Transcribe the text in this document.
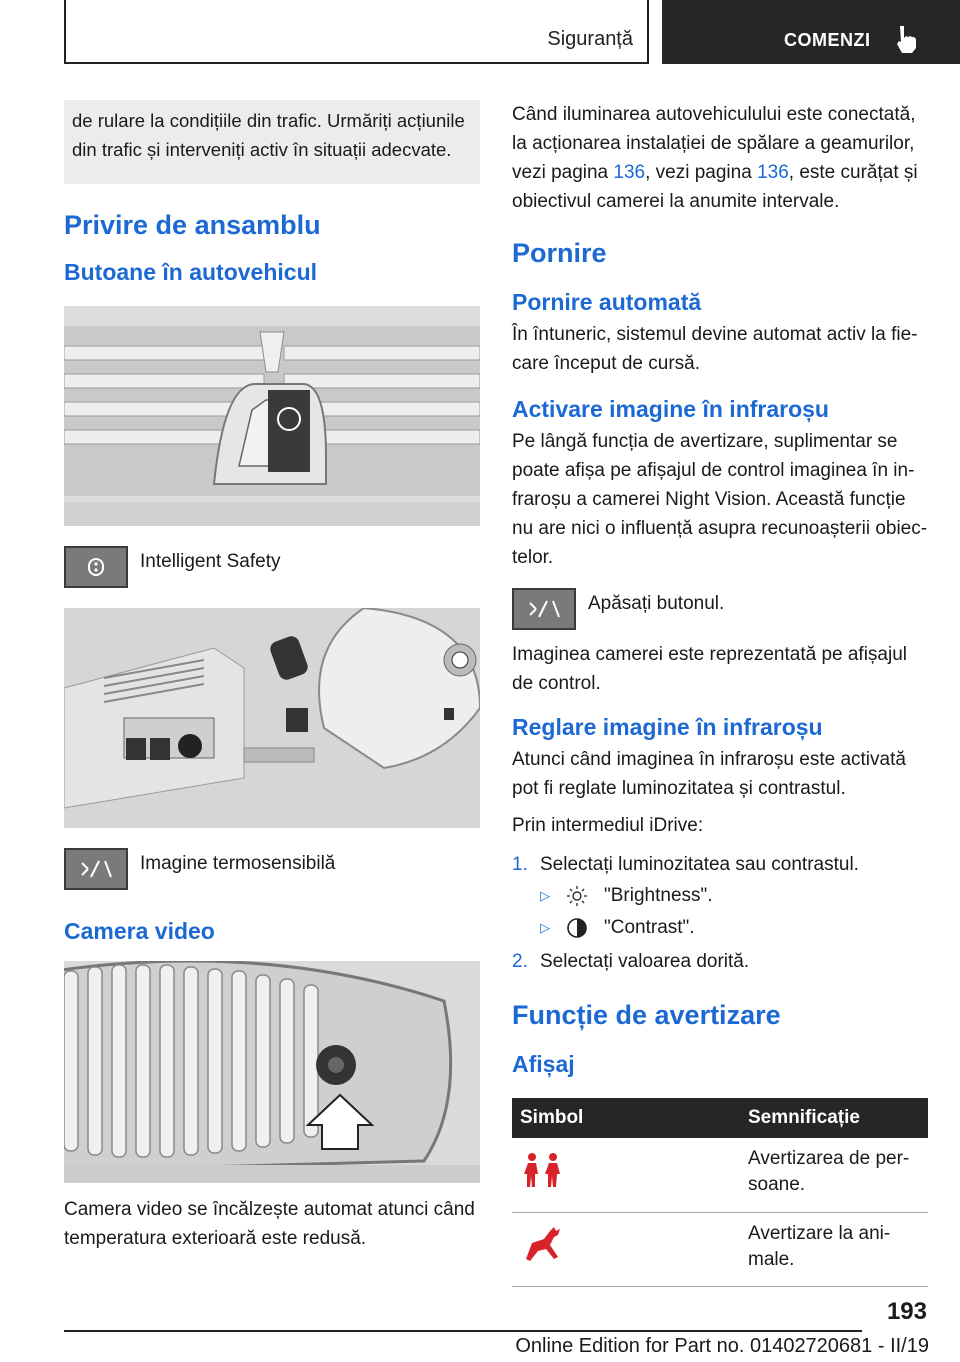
Siguranță	COMENZI
de rulare la condițiile din trafic. Urmăriți acțiunile din trafic și interveniți activ în situații adecvate.
Privire de ansamblu
Butoane în autovehicul
Intelligent Safety
Imagine termosensibilă
Camera video
Camera video se încălzește automat atunci când temperatura exterioară este redusă.
Când iluminarea autovehiculului este conectată, la acționarea instalației de spălare a geamurilor, vezi pagina 136, vezi pagina 136, este curățat și obiectivul camerei la anumite intervale.
Pornire
Pornire automată
În întuneric, sistemul devine automat activ la fie-care început de cursă.
Activare imagine în infraroșu
Pe lângă funcția de avertizare, suplimentar se poate afișa pe afișajul de control imaginea în in-fraroșu a camerei Night Vision. Această funcție nu are nici o influență asupra recunoașterii obiec-telor.
Apăsați butonul.
Imaginea camerei este reprezentată pe afișajul de control.
Reglare imagine în infraroșu
Atunci când imaginea în infraroșu este activată pot fi reglate luminozitatea și contrastul.
Prin intermediul iDrive:
1. Selectați luminozitatea sau contrastul.
▷	"Brightness".
▷	"Contrast".
2. Selectați valoarea dorită.
Funcție de avertizare
Afișaj
Simbol	Semnificație
	Avertizarea de per-soane.
	Avertizare la ani-male.
193
Online Edition for Part no. 01402720681 - II/19
